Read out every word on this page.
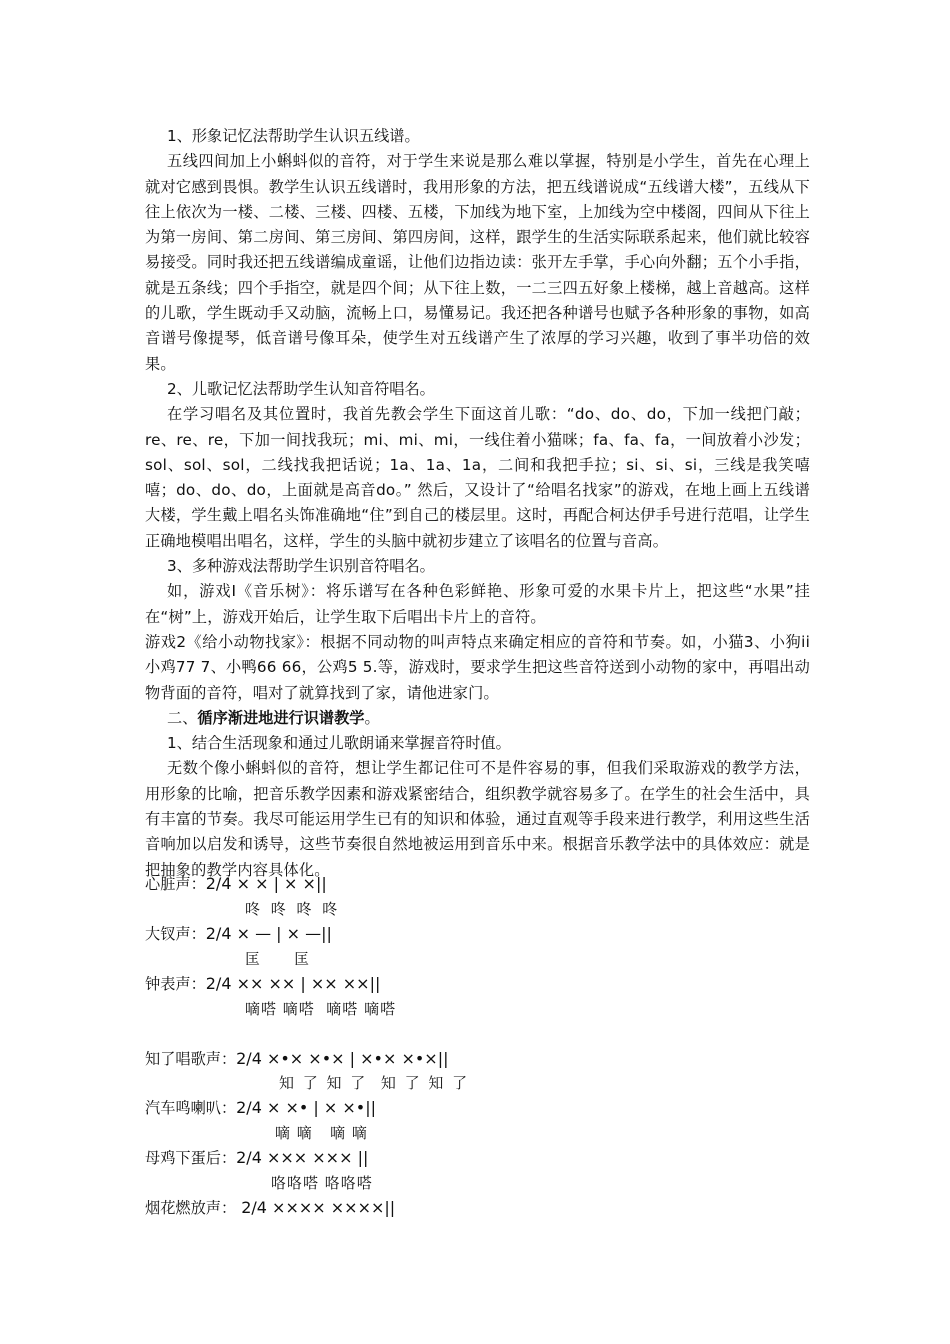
1、形象记忆法帮助学生认识五线谱。

五线四间加上小蝌蚪似的音符，对于学生来说是那么难以掌握，特别是小学生，首先在心理上就对它感到畏惧。教学生认识五线谱时，我用形象的方法，把五线谱说成“五线谱大楼”，五线从下往上依次为一楼、二楼、三楼、四楼、五楼，下加线为地下室，上加线为空中楼阁，四间从下往上为第一房间、第二房间、第三房间、第四房间，这样，跟学生的生活实际联系起来，他们就比较容易接受。同时我还把五线谱编成童谣，让他们边指边读：张开左手掌，手心向外翻；五个小手指，就是五条线；四个手指空，就是四个间；从下往上数，一二三四五好象上楼梯，越上音越高。这样的儿歌，学生既动手又动脑，流畅上口，易懂易记。我还把各种谱号也赋予各种形象的事物，如高音谱号像提琴，低音谱号像耳朵，使学生对五线谱产生了浓厚的学习兴趣，收到了事半功倍的效果。

2、儿歌记忆法帮助学生认知音符唱名。

在学习唱名及其位置时，我首先教会学生下面这首儿歌：“do、do、do，下加一线把门敲；re、re、re，下加一间找我玩；mi、mi、mi，一线住着小猫咪；fa、fa、fa，一间放着小沙发；sol、sol、sol，二线找我把话说；1a、1a、1a，二间和我把手拉；si、si、si，三线是我笑嘻嘻；do、do、do，上面就是高音do。” 然后，又设计了“给唱名找家”的游戏，在地上画上五线谱大楼，学生戴上唱名头饰准确地“住”到自己的楼层里。这时，再配合柯达伊手号进行范唱，让学生正确地模唱出唱名，这样，学生的头脑中就初步建立了该唱名的位置与音高。

3、多种游戏法帮助学生识别音符唱名。

如，游戏Ⅰ《音乐树》：将乐谱写在各种色彩鲜艳、形象可爱的水果卡片上，把这些“水果”挂在“树”上，游戏开始后，让学生取下后唱出卡片上的音符。

游戏2《给小动物找家》：根据不同动物的叫声特点来确定相应的音符和节奏。如，小猫3、小狗ii小鸡77 7、小鸭66 66，公鸡5 5.等，游戏时，要求学生把这些音符送到小动物的家中，再唱出动物背面的音符，唱对了就算找到了家，请他进家门。

二、循序渐进地进行识谱教学。

1、结合生活现象和通过儿歌朗诵来掌握音符时值。

无数个像小蝌蚪似的音符，想让学生都记住可不是件容易的事，但我们采取游戏的教学方法，用形象的比喻，把音乐教学因素和游戏紧密结合，组织教学就容易多了。在学生的社会生活中，具有丰富的节奏。我尽可能运用学生已有的知识和体验，通过直观等手段来进行教学，利用这些生活音响加以启发和诱导，这些节奏很自然地被运用到音乐中来。根据音乐教学法中的具体效应：就是把抽象的教学内容具体化。

心脏声：2/4 × × | × ×||
咚 咚 咚 咚
大钗声：2/4 × — | × —||
匡    匡
钟表声：2/4 ×× ×× | ×× ××||
嘀嗒 嘀嗒  嘀嗒 嘀嗒
知了唱歌声：2/4 ×•× ×•× | ×•× ×•×||
知 了 知 了  知 了 知 了
汽车鸣喇叭：2/4 × ×• | × ×•||
嘀 嘀   嘀 嘀
母鸡下蛋后：2/4 ××× ××× ||
咯咯嗒 咯咯嗒
烟花燃放声： 2/4 ×××× ××××||
